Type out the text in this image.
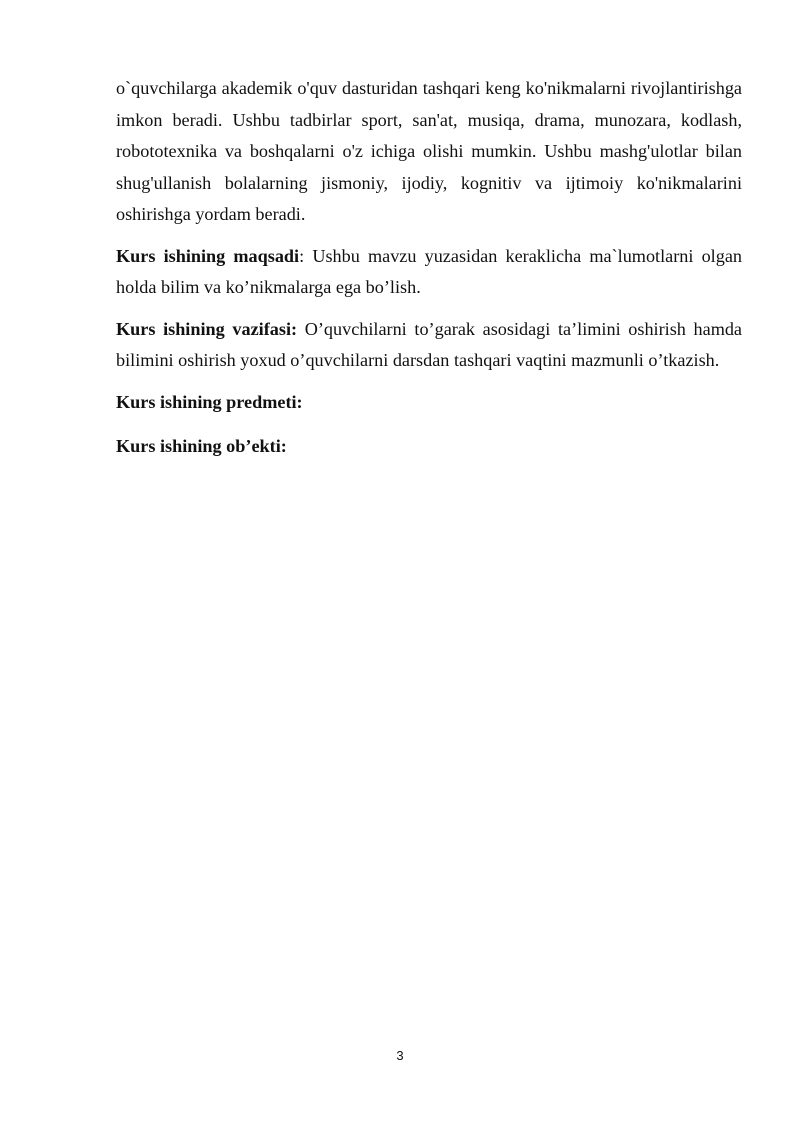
o`quvchilarga akademik o'quv dasturidan tashqari keng ko'nikmalarni rivojlantirishga imkon beradi. Ushbu tadbirlar sport, san'at, musiqa, drama, munozara, kodlash, robototexnika va boshqalarni o'z ichiga olishi mumkin. Ushbu mashg'ulotlar bilan shug'ullanish bolalarning jismoniy, ijodiy, kognitiv va ijtimoiy ko'nikmalarini oshirishga yordam beradi.

Kurs ishining maqsadi: Ushbu mavzu yuzasidan keraklicha ma`lumotlarni olgan holda bilim va ko’nikmalarga ega bo’lish.

Kurs ishining vazifasi: O’quvchilarni to’garak asosidagi ta’limini oshirish hamda bilimini oshirish yoxud o’quvchilarni darsdan tashqari vaqtini mazmunli o’tkazish.

Kurs ishining predmeti:

Kurs ishining ob’ekti:

3
